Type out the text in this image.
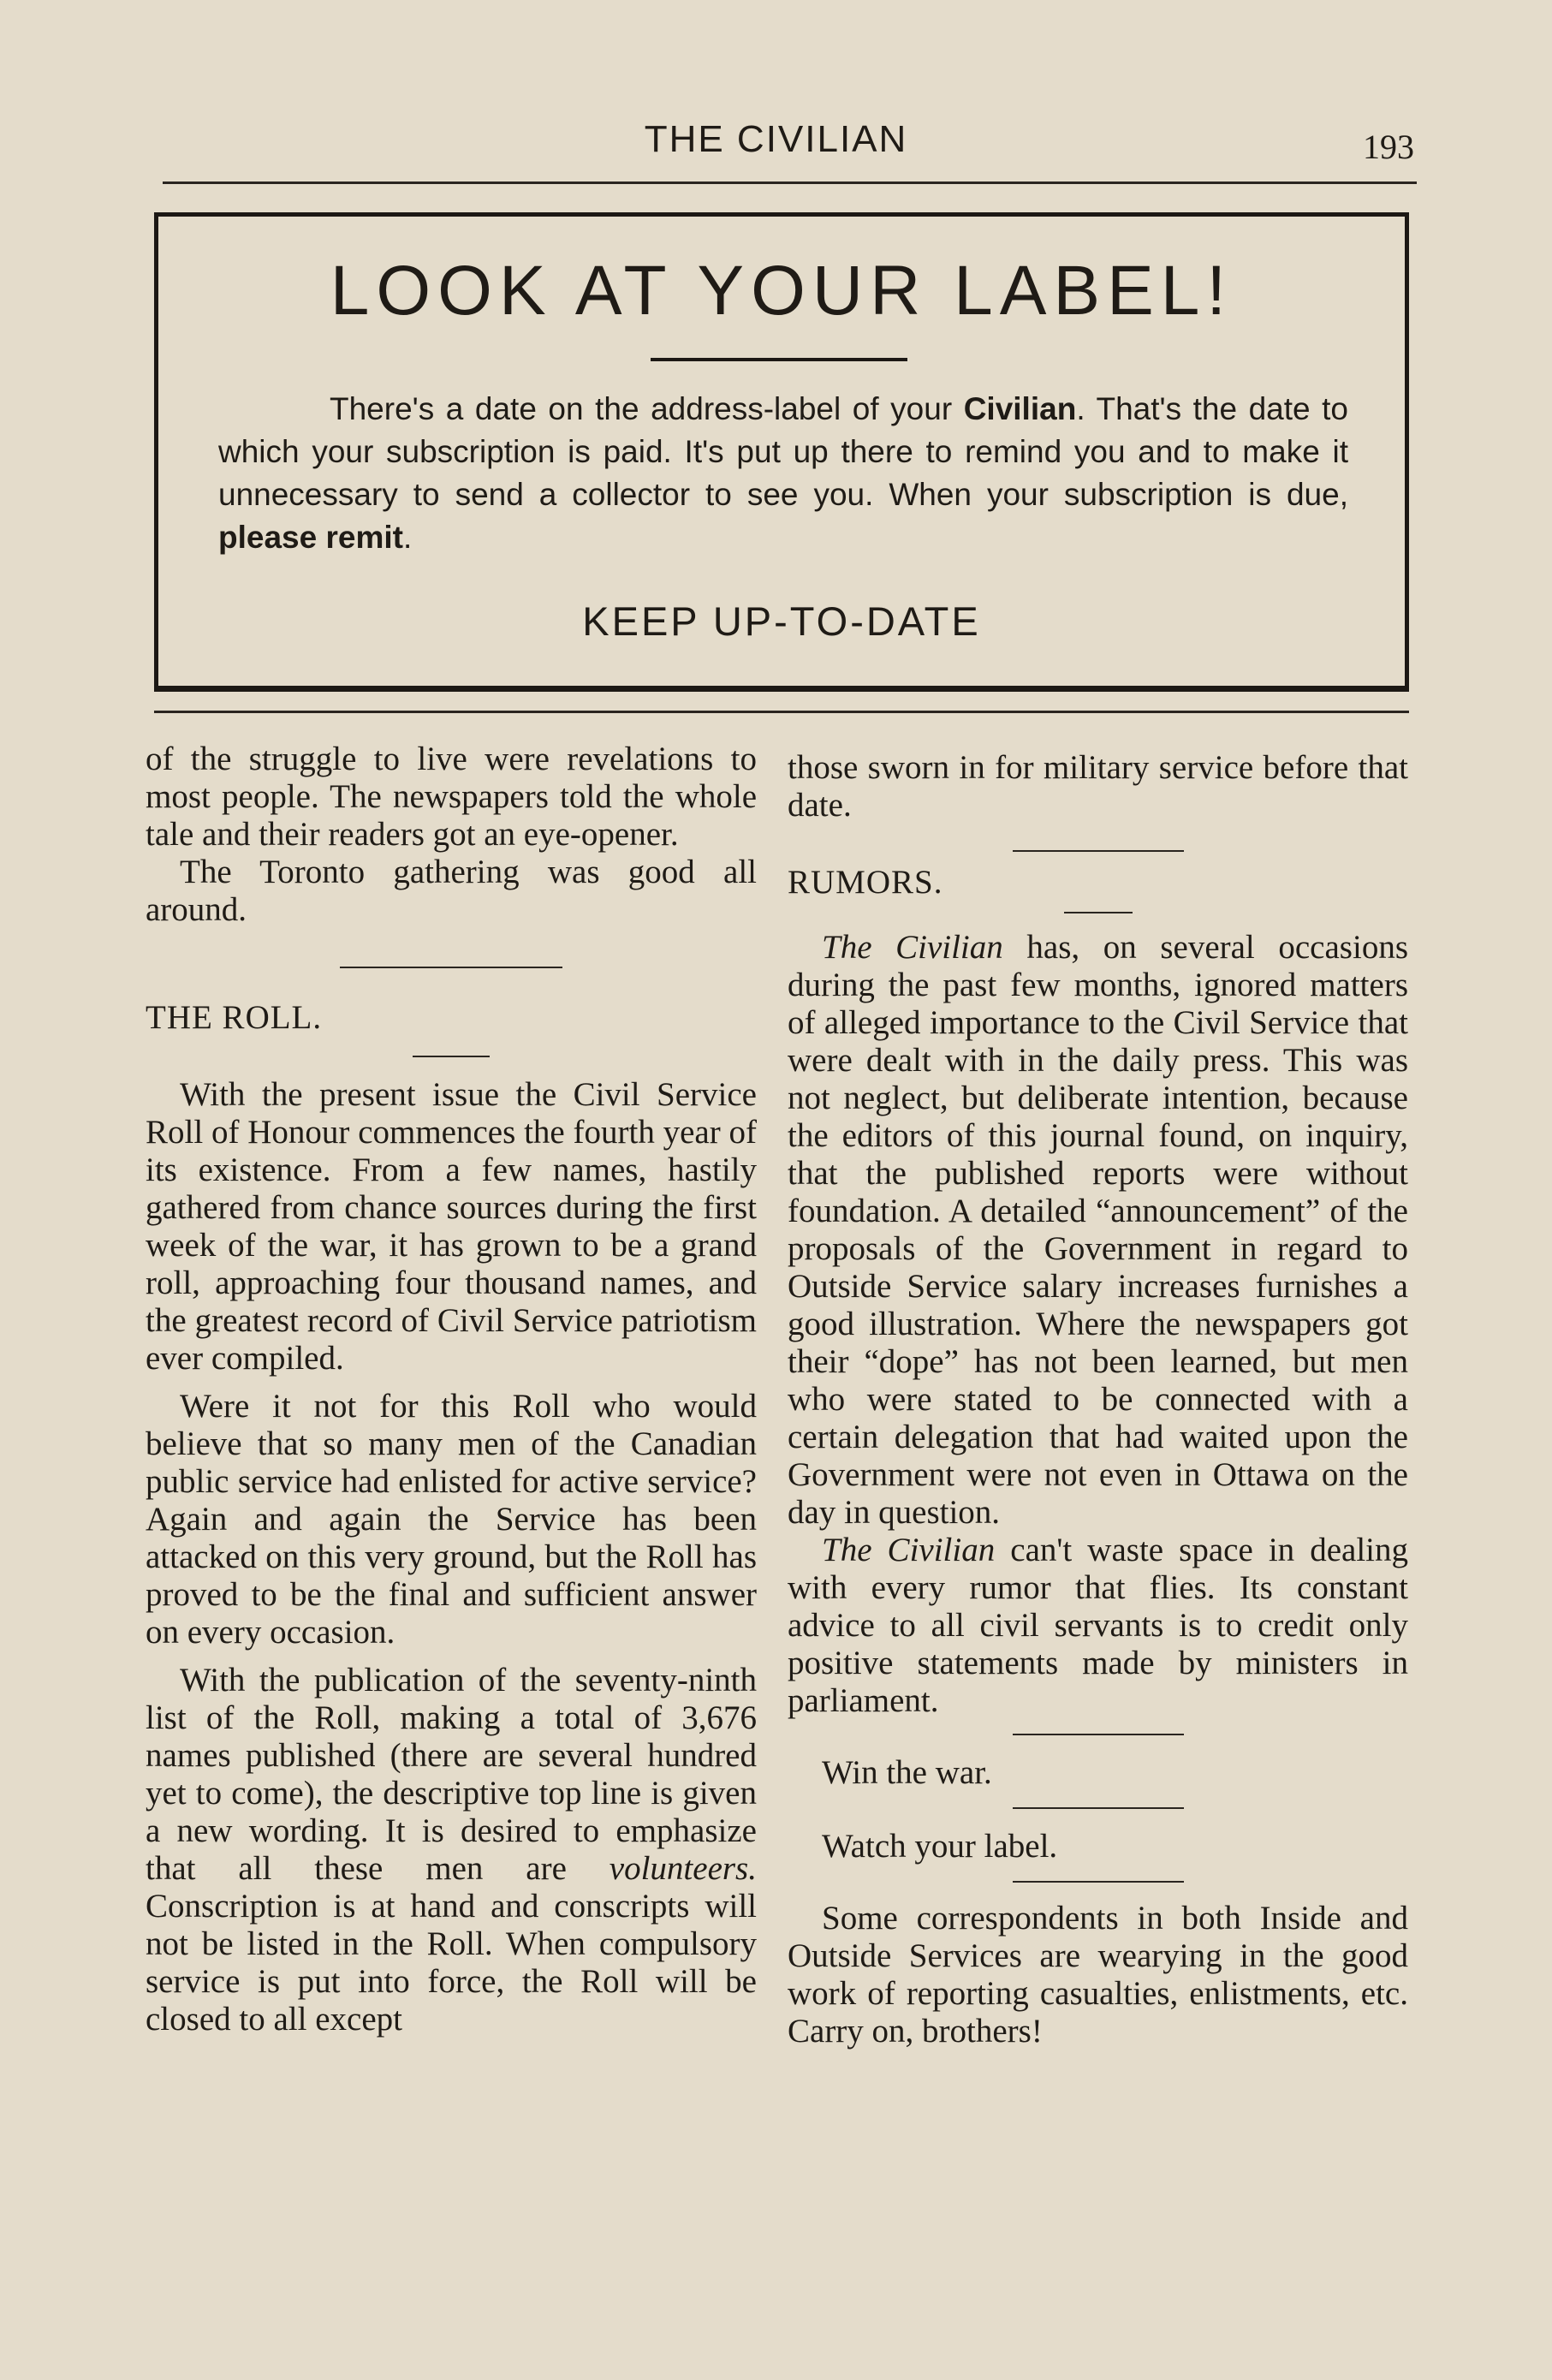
THE CIVILIAN	193
LOOK AT YOUR LABEL!

There's a date on the address-label of your Civilian. That's the date to which your subscription is paid. It's put up there to remind you and to make it unnecessary to send a collector to see you. When your subscription is due, please remit.

KEEP UP-TO-DATE

of the struggle to live were revelations to most people. The newspapers told the whole tale and their readers got an eye-opener.

The Toronto gathering was good all around.

THE ROLL.

With the present issue the Civil Service Roll of Honour commences the fourth year of its existence. From a few names, hastily gathered from chance sources during the first week of the war, it has grown to be a grand roll, approaching four thousand names, and the greatest record of Civil Service patriotism ever compiled.

Were it not for this Roll who would believe that so many men of the Canadian public service had enlisted for active service? Again and again the Service has been attacked on this very ground, but the Roll has proved to be the final and sufficient answer on every occasion.

With the publication of the seventy-ninth list of the Roll, making a total of 3,676 names published (there are several hundred yet to come), the descriptive top line is given a new wording. It is desired to emphasize that all these men are volunteers. Conscription is at hand and conscripts will not be listed in the Roll. When compulsory service is put into force, the Roll will be closed to all except

those sworn in for military service before that date.

RUMORS.

The Civilian has, on several occasions during the past few months, ignored matters of alleged importance to the Civil Service that were dealt with in the daily press. This was not neglect, but deliberate intention, because the editors of this journal found, on inquiry, that the published reports were without foundation. A detailed “announcement” of the proposals of the Government in regard to Outside Service salary increases furnishes a good illustration. Where the newspapers got their “dope” has not been learned, but men who were stated to be connected with a certain delegation that had waited upon the Government were not even in Ottawa on the day in question.

The Civilian can't waste space in dealing with every rumor that flies. Its constant advice to all civil servants is to credit only positive statements made by ministers in parliament.

Win the war.

Watch your label.

Some correspondents in both Inside and Outside Services are wearying in the good work of reporting casualties, enlistments, etc. Carry on, brothers!
